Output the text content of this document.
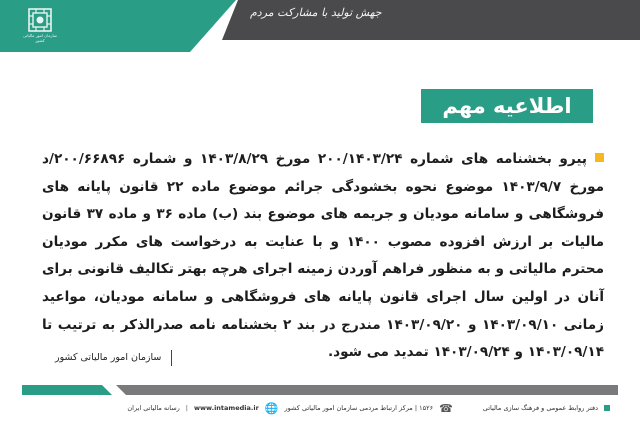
سازمان امور مالیاتی کشور
جهش تولید با مشارکت مردم
اطلاعیه مهم
پیرو بخشنامه های شماره ۲۰۰/۱۴۰۳/۲۴ مورخ ۱۴۰۳/۸/۲۹ و شماره ۲۰۰/۶۶۸۹۶/د مورخ ۱۴۰۳/۹/۷ موضوع نحوه بخشودگی جرائم موضوع ماده ۲۲ قانون پایانه های فروشگاهی و سامانه مودیان و جریمه های موضوع بند (ب) ماده ۳۶ و ماده ۳۷ قانون مالیات بر ارزش افزوده مصوب ۱۴۰۰ و با عنایت به درخواست های مکرر مودیان محترم مالیاتی و به منظور فراهم آوردن زمینه اجرای هرچه بهتر تکالیف قانونی برای آنان در اولین سال اجرای قانون پایانه های فروشگاهی و سامانه مودیان، مواعید زمانی ۱۴۰۳/۰۹/۱۰ و ۱۴۰۳/۰۹/۲۰ مندرج در بند ۲ بخشنامه نامه صدرالذکر به ترتیب تا ۱۴۰۳/۰۹/۱۴ و ۱۴۰۳/۰۹/۲۴ تمدید می شود.
سازمان امور مالیاتی کشور
دفتر روابط عمومی و فرهنگ سازی مالیاتی
☎
۱۵۲۶ | مرکز ارتباط مردمی سازمان امور مالیاتی کشور
🌐
www.intamedia.ir
|
رسانه مالیاتی ایران
